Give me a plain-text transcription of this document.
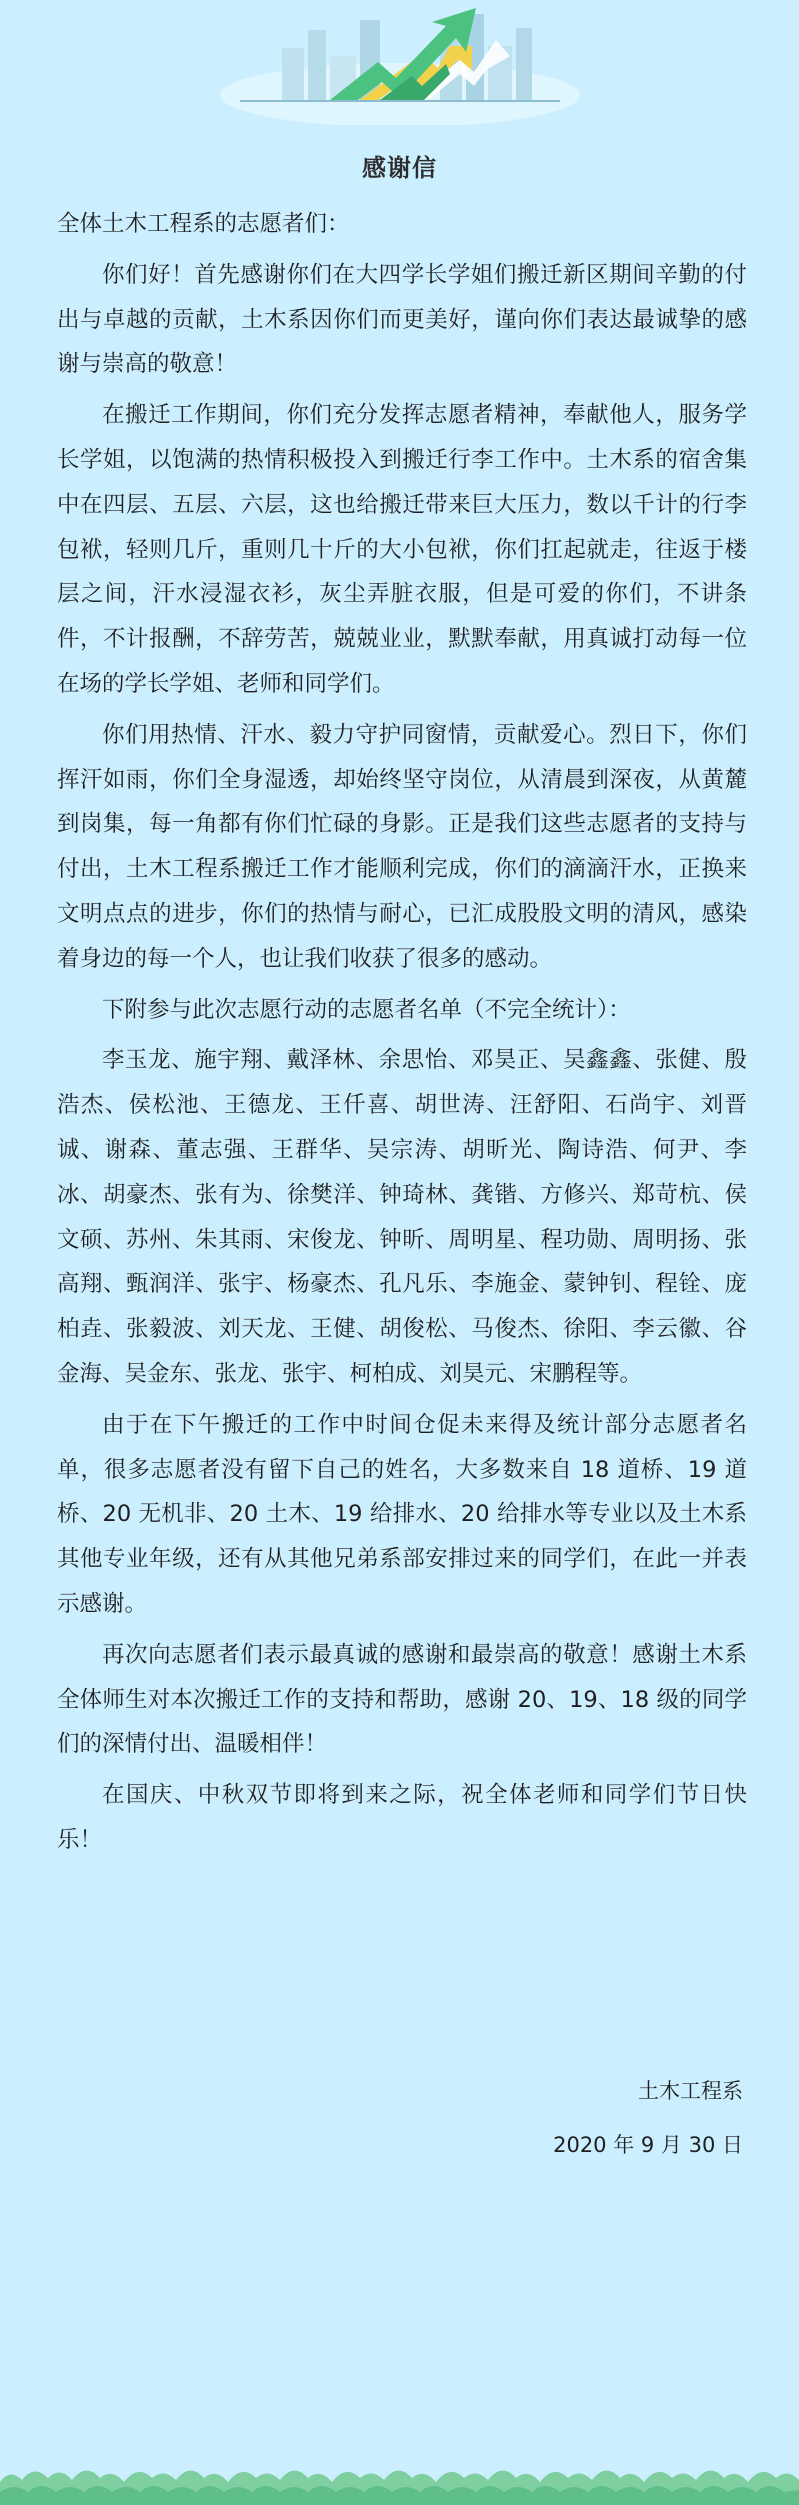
感谢信

全体土木工程系的志愿者们：

你们好！首先感谢你们在大四学长学姐们搬迁新区期间辛勤的付出与卓越的贡献，土木系因你们而更美好，谨向你们表达最诚挚的感谢与崇高的敬意！

在搬迁工作期间，你们充分发挥志愿者精神，奉献他人，服务学长学姐，以饱满的热情积极投入到搬迁行李工作中。土木系的宿舍集中在四层、五层、六层，这也给搬迁带来巨大压力，数以千计的行李包袱，轻则几斤，重则几十斤的大小包袱，你们扛起就走，往返于楼层之间，汗水浸湿衣衫，灰尘弄脏衣服，但是可爱的你们，不讲条件，不计报酬，不辞劳苦，兢兢业业，默默奉献，用真诚打动每一位在场的学长学姐、老师和同学们。

你们用热情、汗水、毅力守护同窗情，贡献爱心。烈日下，你们挥汗如雨，你们全身湿透，却始终坚守岗位，从清晨到深夜，从黄麓到岗集，每一角都有你们忙碌的身影。正是我们这些志愿者的支持与付出，土木工程系搬迁工作才能顺利完成，你们的滴滴汗水，正换来文明点点的进步，你们的热情与耐心，已汇成股股文明的清风，感染着身边的每一个人，也让我们收获了很多的感动。

下附参与此次志愿行动的志愿者名单（不完全统计）：

李玉龙、施宇翔、戴泽林、余思怡、邓昊正、吴鑫鑫、张健、殷浩杰、侯松池、王德龙、王仟喜、胡世涛、汪舒阳、石尚宇、刘晋诚、谢森、董志强、王群华、吴宗涛、胡昕光、陶诗浩、何尹、李冰、胡豪杰、张有为、徐樊洋、钟琦林、龚锴、方修兴、郑苛杭、侯文硕、苏州、朱其雨、宋俊龙、钟昕、周明星、程功勋、周明扬、张高翔、甄润洋、张宇、杨豪杰、孔凡乐、李施金、蒙钟钊、程铨、庞柏垚、张毅波、刘天龙、王健、胡俊松、马俊杰、徐阳、李云徽、谷金海、吴金东、张龙、张宇、柯柏成、刘昊元、宋鹏程等。

由于在下午搬迁的工作中时间仓促未来得及统计部分志愿者名单，很多志愿者没有留下自己的姓名，大多数来自 18 道桥、19 道桥、20 无机非、20 土木、19 给排水、20 给排水等专业以及土木系其他专业年级，还有从其他兄弟系部安排过来的同学们，在此一并表示感谢。

再次向志愿者们表示最真诚的感谢和最崇高的敬意！感谢土木系全体师生对本次搬迁工作的支持和帮助，感谢 20、19、18 级的同学们的深情付出、温暖相伴！

在国庆、中秋双节即将到来之际，祝全体老师和同学们节日快乐！

土木工程系
2020 年 9 月 30 日
